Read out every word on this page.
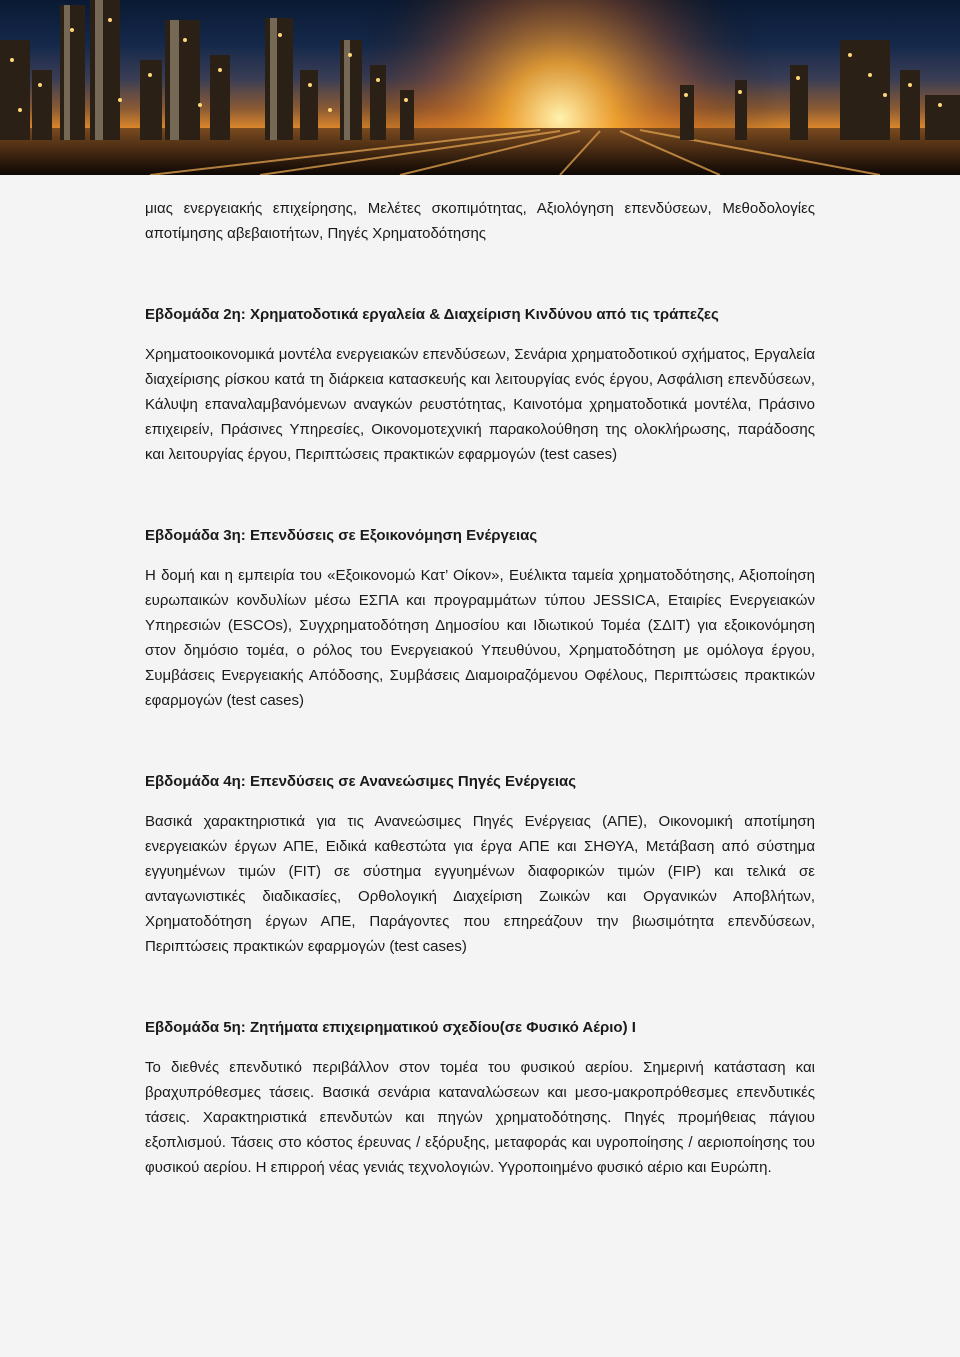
μιας ενεργειακής επιχείρησης, Μελέτες σκοπιμότητας, Αξιολόγηση επενδύσεων, Μεθοδολογίες αποτίμησης αβεβαιοτήτων, Πηγές Χρηματοδότησης

Εβδομάδα 2η: Χρηματοδοτικά εργαλεία & Διαχείριση Κινδύνου από τις τράπεζες

Χρηματοοικονομικά μοντέλα ενεργειακών επενδύσεων, Σενάρια χρηματοδοτικού σχήματος, Εργαλεία διαχείρισης ρίσκου κατά τη διάρκεια κατασκευής και λειτουργίας ενός έργου, Ασφάλιση επενδύσεων, Κάλυψη επαναλαμβανόμενων αναγκών ρευστότητας, Καινοτόμα χρηματοδοτικά μοντέλα, Πράσινο επιχειρείν, Πράσινες Υπηρεσίες, Οικονομοτεχνική παρακολούθηση της ολοκλήρωσης, παράδοσης και λειτουργίας έργου, Περιπτώσεις πρακτικών εφαρμογών (test cases)

Εβδομάδα 3η: Επενδύσεις σε Εξοικονόμηση Ενέργειας

Η δομή και η εμπειρία του «Εξοικονομώ Κατ’ Οίκον», Ευέλικτα ταμεία χρηματοδότησης, Αξιοποίηση ευρωπαικών κονδυλίων μέσω ΕΣΠΑ και προγραμμάτων τύπου JESSICA, Εταιρίες Ενεργειακών Υπηρεσιών (ESCOs), Συγχρηματοδότηση Δημοσίου και Ιδιωτικού Τομέα (ΣΔΙΤ) για εξοικονόμηση στον δημόσιο τομέα, ο ρόλος του Ενεργειακού Υπευθύνου, Χρηματοδότηση με ομόλογα έργου, Συμβάσεις Ενεργειακής Απόδοσης, Συμβάσεις Διαμοιραζόμενου Οφέλους, Περιπτώσεις πρακτικών εφαρμογών (test cases)

Εβδομάδα 4η: Επενδύσεις σε Ανανεώσιμες Πηγές Ενέργειας

Βασικά χαρακτηριστικά για τις Ανανεώσιμες Πηγές Ενέργειας (ΑΠΕ), Οικονομική αποτίμηση ενεργειακών έργων ΑΠΕ, Ειδικά καθεστώτα για έργα ΑΠΕ και ΣΗΘΥΑ, Μετάβαση από σύστημα εγγυημένων τιμών (FIT) σε σύστημα εγγυημένων διαφορικών τιμών (FIP) και τελικά σε ανταγωνιστικές διαδικασίες, Ορθολογική Διαχείριση Ζωικών και Οργανικών Αποβλήτων, Χρηματοδότηση έργων ΑΠΕ, Παράγοντες που επηρεάζουν την βιωσιμότητα επενδύσεων, Περιπτώσεις πρακτικών εφαρμογών (test cases)

Εβδομάδα 5η: Ζητήματα επιχειρηματικού σχεδίου(σε Φυσικό Αέριο) Ι

Το διεθνές επενδυτικό περιβάλλον στον τομέα του φυσικού αερίου. Σημερινή κατάσταση και βραχυπρόθεσμες τάσεις. Βασικά σενάρια καταναλώσεων και μεσο-μακροπρόθεσμες επενδυτικές τάσεις. Χαρακτηριστικά επενδυτών και πηγών χρηματοδότησης. Πηγές προμήθειας πάγιου εξοπλισμού. Τάσεις στο κόστος έρευνας / εξόρυξης, μεταφοράς και υγροποίησης / αεριοποίησης του φυσικού αερίου. Η επιρροή νέας γενιάς τεχνολογιών. Υγροποιημένο φυσικό αέριο και Ευρώπη.
